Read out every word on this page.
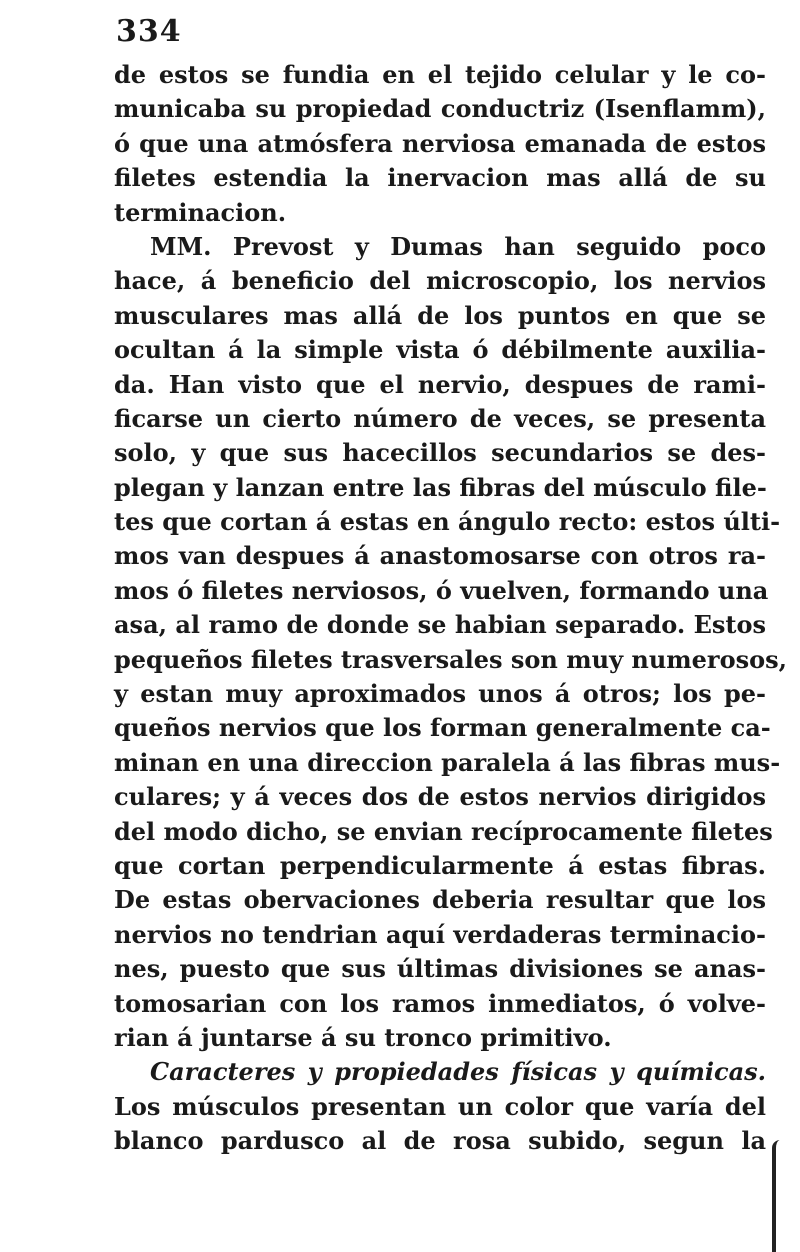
334
de estos se fundia en el tejido celular y le co-
municaba su propiedad conductriz (Isenflamm),
ó que una atmósfera nerviosa emanada de estos
filetes estendia la inervacion mas allá de su
terminacion.
MM. Prevost y Dumas han seguido poco
hace, á beneficio del microscopio, los nervios
musculares mas allá de los puntos en que se
ocultan á la simple vista ó débilmente auxilia-
da. Han visto que el nervio, despues de rami-
ficarse un cierto número de veces, se presenta
solo, y que sus hacecillos secundarios se des-
plegan y lanzan entre las fibras del músculo file-
tes que cortan á estas en ángulo recto: estos últi-
mos van despues á anastomosarse con otros ra-
mos ó filetes nerviosos, ó vuelven, formando una
asa, al ramo de donde se habian separado. Estos
pequeños filetes trasversales son muy numerosos,
y estan muy aproximados unos á otros; los pe-
queños nervios que los forman generalmente ca-
minan en una direccion paralela á las fibras mus-
culares; y á veces dos de estos nervios dirigidos
del modo dicho, se envian recíprocamente filetes
que cortan perpendicularmente á estas fibras.
De estas obervaciones deberia resultar que los
nervios no tendrian aquí verdaderas terminacio-
nes, puesto que sus últimas divisiones se anas-
tomosarian con los ramos inmediatos, ó volve-
rian á juntarse á su tronco primitivo.
Caracteres y propiedades físicas y químicas.
Los músculos presentan un color que varía del
blanco pardusco al de rosa subido, segun la
